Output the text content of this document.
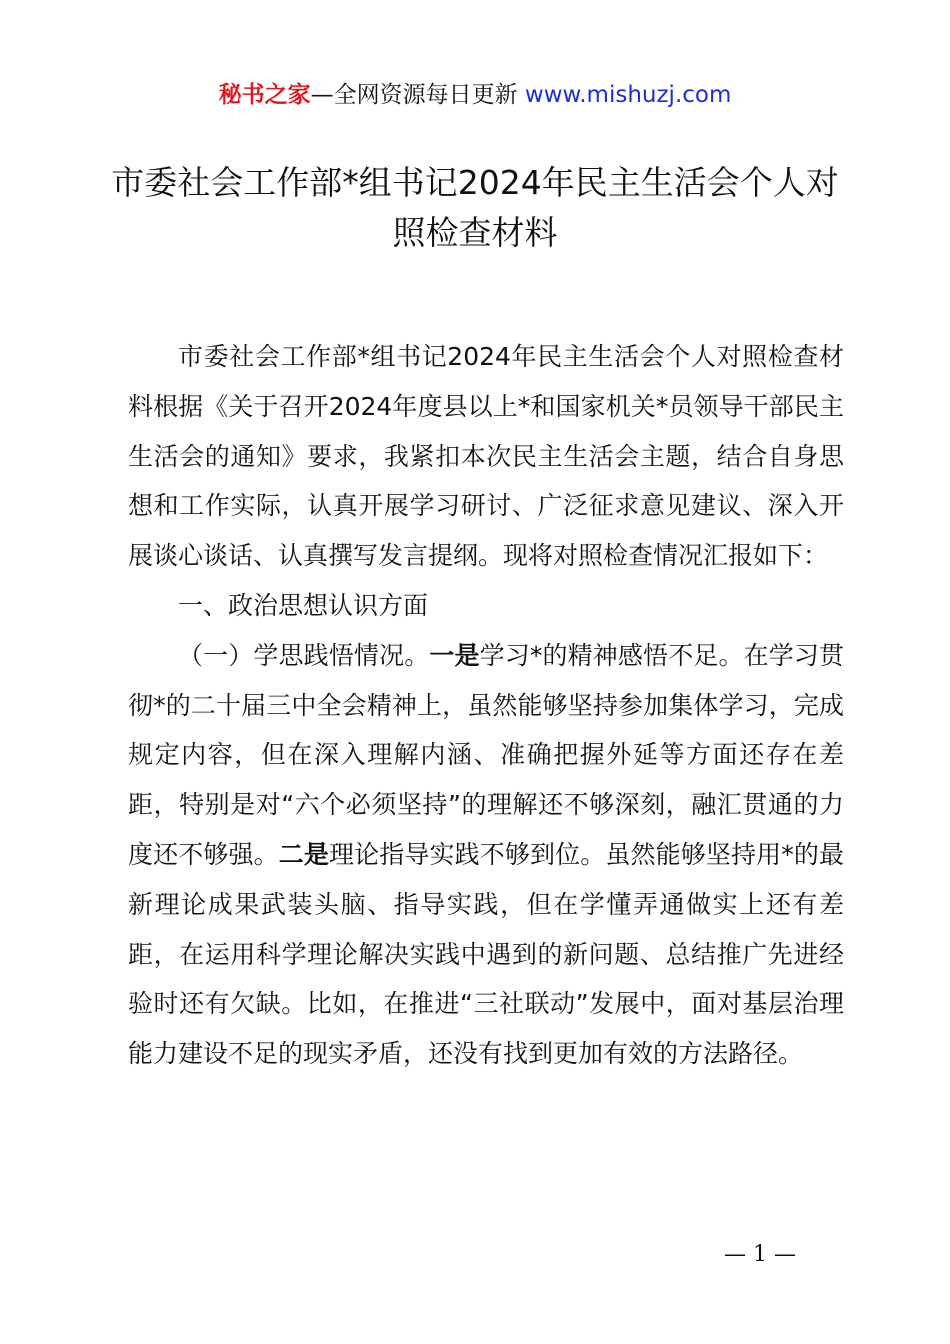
秘书之家—全网资源每日更新 www.mishuzj.com
市委社会工作部*组书记2024年民主生活会个人对照检查材料

市委社会工作部*组书记2024年民主生活会个人对照检查材料根据《关于召开2024年度县以上*和国家机关*员领导干部民主生活会的通知》要求，我紧扣本次民主生活会主题，结合自身思想和工作实际，认真开展学习研讨、广泛征求意见建议、深入开展谈心谈话、认真撰写发言提纲。现将对照检查情况汇报如下：

一、政治思想认识方面

（一）学思践悟情况。一是学习*的精神感悟不足。在学习贯彻*的二十届三中全会精神上，虽然能够坚持参加集体学习，完成规定内容，但在深入理解内涵、准确把握外延等方面还存在差距，特别是对“六个必须坚持”的理解还不够深刻，融汇贯通的力度还不够强。二是理论指导实践不够到位。虽然能够坚持用*的最新理论成果武装头脑、指导实践，但在学懂弄通做实上还有差距，在运用科学理论解决实践中遇到的新问题、总结推广先进经验时还有欠缺。比如，在推进“三社联动”发展中，面对基层治理能力建设不足的现实矛盾，还没有找到更加有效的方法路径。

— 1 —
